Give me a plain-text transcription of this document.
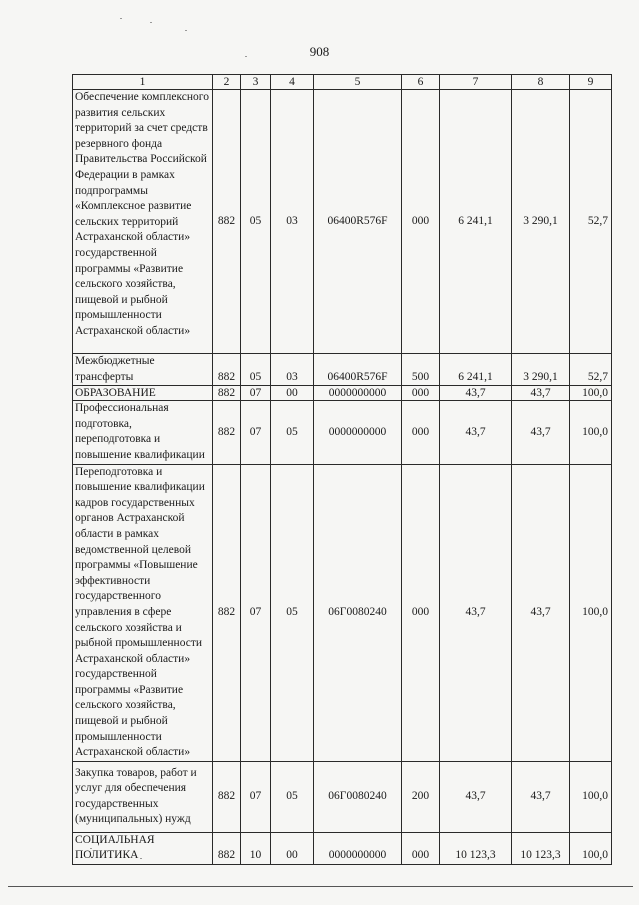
908
1	2	3	4	5	6	7	8	9
Обеспечение комплексного развития сельских территорий за счет средств резервного фонда Правительства Российской Федерации в рамках подпрограммы «Комплексное развитие сельских территорий Астраханской области» государственной программы «Развитие сельского хозяйства, пищевой и рыбной промышленности Астраханской области»	882	05	03	06400R576F	000	6 241,1	3 290,1	52,7
Межбюджетные трансферты	882	05	03	06400R576F	500	6 241,1	3 290,1	52,7
ОБРАЗОВАНИЕ	882	07	00	0000000000	000	43,7	43,7	100,0
Профессиональная подготовка, переподготовка и повышение квалификации	882	07	05	0000000000	000	43,7	43,7	100,0
Переподготовка и повышение квалификации кадров государственных органов Астраханской области в рамках ведомственной целевой программы «Повышение эффективности государственного управления в сфере сельского хозяйства и рыбной промышленности Астраханской области» государственной программы «Развитие сельского хозяйства, пищевой и рыбной промышленности Астраханской области»	882	07	05	06Г0080240	000	43,7	43,7	100,0
Закупка товаров, работ и услуг для обеспечения государственных (муниципальных) нужд	882	07	05	06Г0080240	200	43,7	43,7	100,0
СОЦИАЛЬНАЯ ПОЛИТИКА	882	10	00	0000000000	000	10 123,3	10 123,3	100,0
